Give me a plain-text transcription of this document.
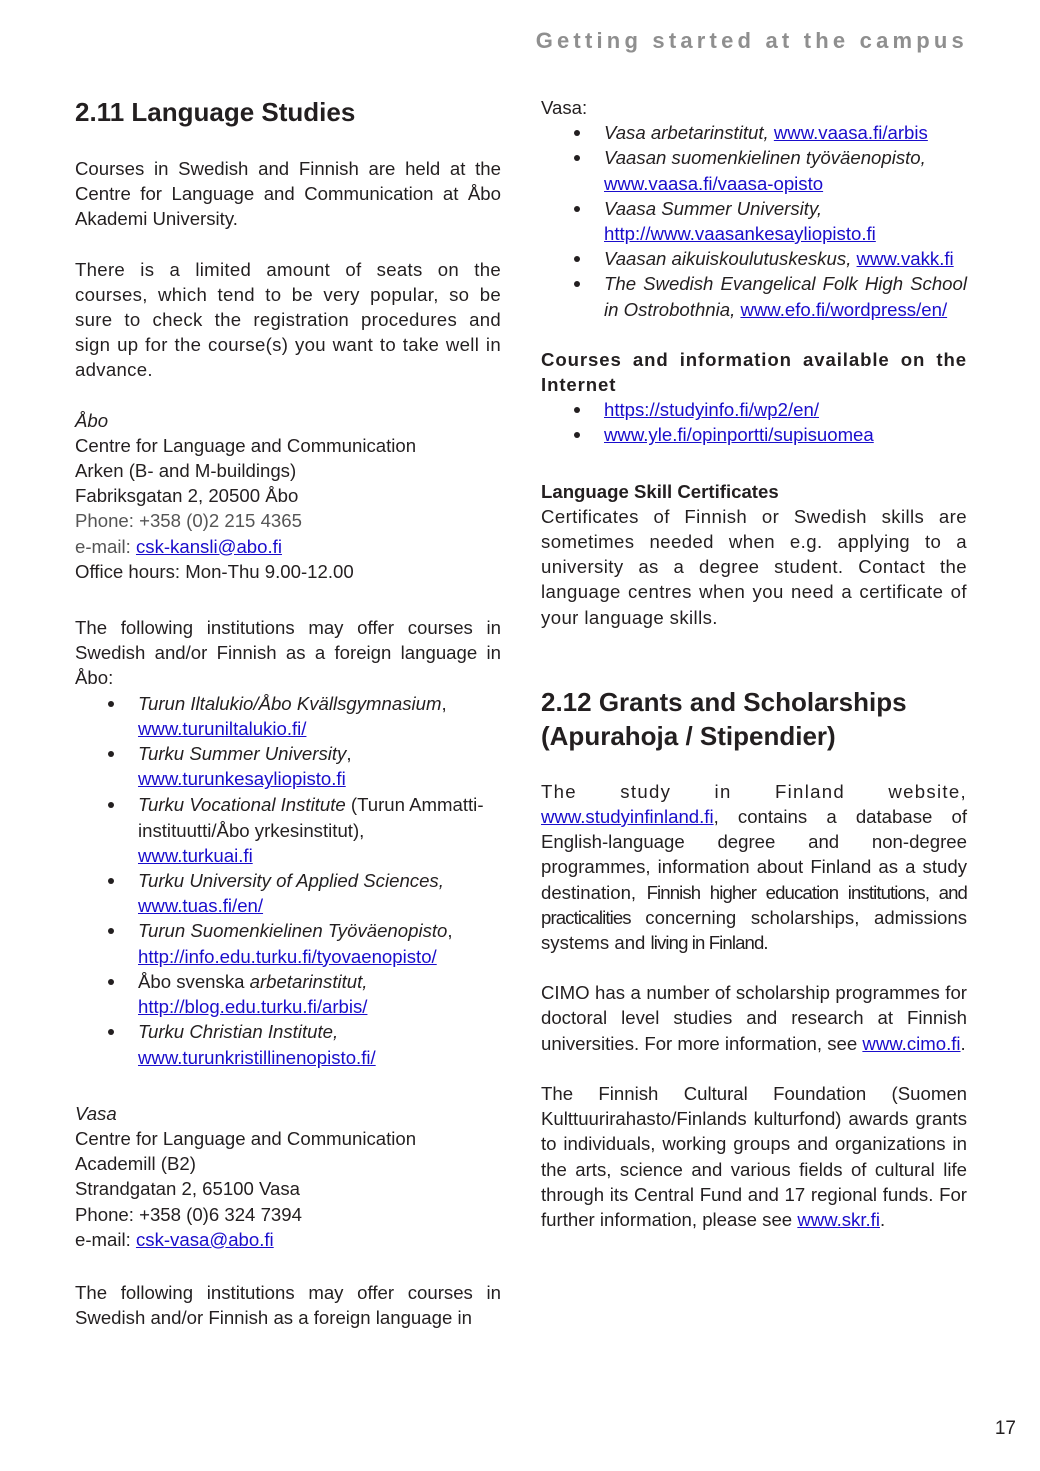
Getting started at the campus
2.11 Language Studies

Courses in Swedish and Finnish are held at the Centre for Language and Communication at Åbo Akademi University.

There is a limited amount of seats on the courses, which tend to be very popular, so be sure to check the registration procedures and sign up for the course(s) you want to take well in advance.

Åbo

Centre for Language and Communication

Arken (B- and M-buildings)

Fabriksgatan 2, 20500 Åbo

Phone: +358 (0)2 215 4365

e-mail: csk-kansli@abo.fi

Office hours: Mon-Thu 9.00-12.00

The following institutions may offer courses in Swedish and/or Finnish as a foreign language in Åbo:

Turun Iltalukio/Åbo Kvällsgymnasium,
www.turuniltalukio.fi/
Turku Summer University,
www.turunkesayliopisto.fi
Turku Vocational Institute (Turun Ammatti-instituutti/Åbo yrkesinstitut),
www.turkuai.fi
Turku University of Applied Sciences,
www.tuas.fi/en/
Turun Suomenkielinen Työväenopisto,
http://info.edu.turku.fi/tyovaenopisto/
Åbo svenska arbetarinstitut,
http://blog.edu.turku.fi/arbis/
Turku Christian Institute,
www.turunkristillinenopisto.fi/

Vasa

Centre for Language and Communication

Academill (B2)

Strandgatan 2, 65100 Vasa

Phone: +358 (0)6 324 7394

e-mail: csk-vasa@abo.fi

The following institutions may offer courses in Swedish and/or Finnish as a foreign language in

Vasa:

Vasa arbetarinstitut, www.vaasa.fi/arbis
Vaasan suomenkielinen työväenopisto,
www.vaasa.fi/vaasa-opisto
Vaasa Summer University,
http://www.vaasankesayliopisto.fi
Vaasan aikuiskoulutuskeskus, www.vakk.fi
The Swedish Evangelical Folk High School in Ostrobothnia, www.efo.fi/wordpress/en/

Courses and information available on the Internet

https://studyinfo.fi/wp2/en/
www.yle.fi/opinportti/supisuomea

Language Skill Certificates

Certificates of Finnish or Swedish skills are sometimes needed when e.g. applying to a university as a degree student. Contact the language centres when you need a certificate of your language skills.

2.12 Grants and Scholarships (Apurahoja / Stipendier)

The study in Finland website, www.studyinfinland.fi, contains a database of English-language degree and non-degree programmes, information about Finland as a study destination, Finnish higher education institutions, and practicalities concerning scholarships, admissions systems and living in Finland.

CIMO has a number of scholarship programmes for doctoral level studies and research at Finnish universities. For more information, see www.cimo.fi.

The Finnish Cultural Foundation (Suomen Kulttuurirahasto/Finlands kulturfond) awards grants to individuals, working groups and organizations in the arts, science and various fields of cultural life through its Central Fund and 17 regional funds. For further information, please see www.skr.fi.

17
